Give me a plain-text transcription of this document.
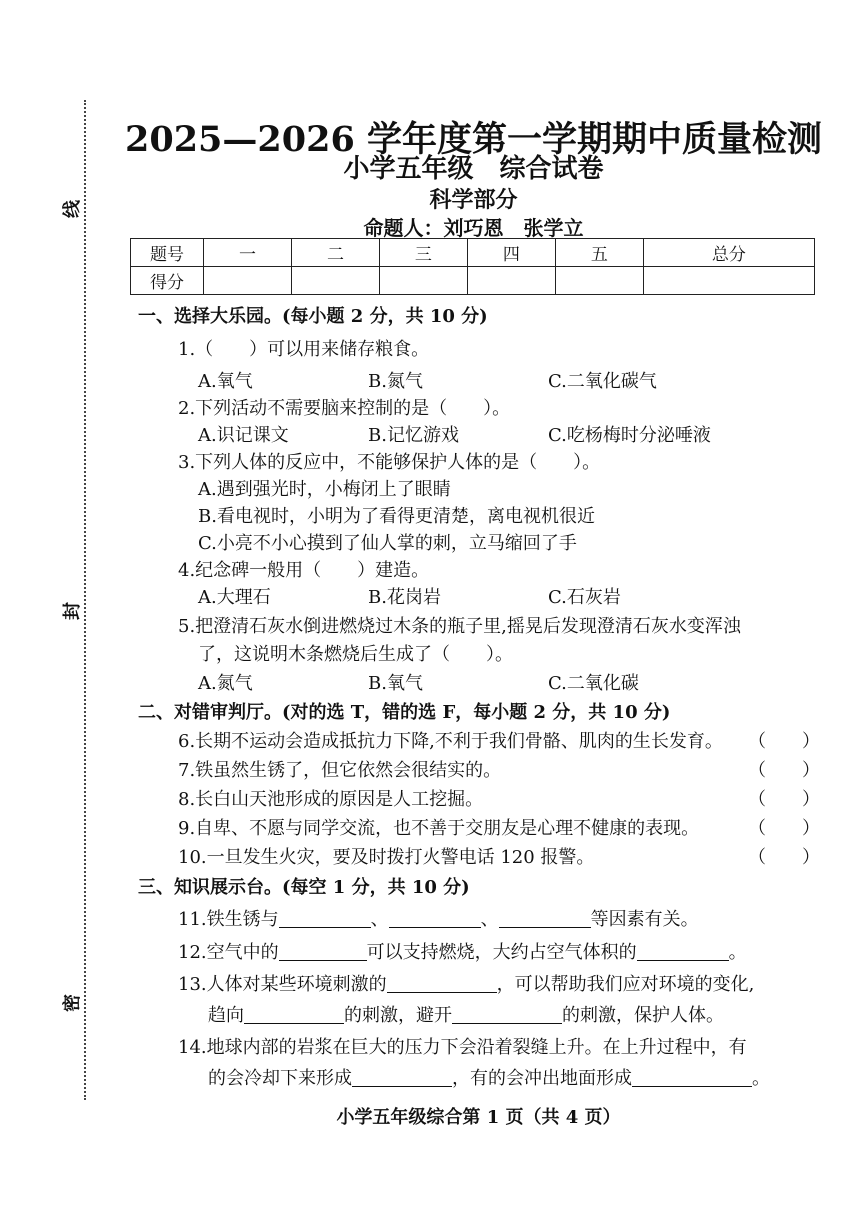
线
封
密
2025—2026 学年度第一学期期中质量检测
小学五年级 综合试卷
科学部分
命题人：刘巧恩 张学立
题号	一	二	三	四	五	总分
得分						
一、选择大乐园。(每小题 2 分，共 10 分)
1.（　　）可以用来储存粮食。
A.氧气	B.氮气	C.二氧化碳气
2.下列活动不需要脑来控制的是（　　）。
A.识记课文	B.记忆游戏	C.吃杨梅时分泌唾液
3.下列人体的反应中，不能够保护人体的是（　　）。
A.遇到强光时，小梅闭上了眼睛
B.看电视时，小明为了看得更清楚，离电视机很近
C.小亮不小心摸到了仙人掌的刺，立马缩回了手
4.纪念碑一般用（　　）建造。
A.大理石	B.花岗岩	C.石灰岩
5.把澄清石灰水倒进燃烧过木条的瓶子里,摇晃后发现澄清石灰水变浑浊
了，这说明木条燃烧后生成了（　　）。
A.氮气	B.氧气	C.二氧化碳
二、对错审判厅。(对的选 T，错的选 F，每小题 2 分，共 10 分)
6.长期不运动会造成抵抗力下降,不利于我们骨骼、肌肉的生长发育。 （　　）
7.铁虽然生锈了，但它依然会很结实的。	（　　）
8.长白山天池形成的原因是人工挖掘。	（　　）
9.自卑、不愿与同学交流，也不善于交朋友是心理不健康的表现。	（　　）
10.一旦发生火灾，要及时拨打火警电话 120 报警。	（　　）
三、知识展示台。(每空 1 分，共 10 分)
11.铁生锈与	、	、	等因素有关。
12.空气中的	可以支持燃烧，大约占空气体积的	。
13.人体对某些环境刺激的	，可以帮助我们应对环境的变化,
趋向	的刺激，避开	的刺激，保护人体。
14.地球内部的岩浆在巨大的压力下会沿着裂缝上升。在上升过程中，有
的会冷却下来形成	，有的会冲出地面形成	。
小学五年级综合第 1 页（共 4 页）
